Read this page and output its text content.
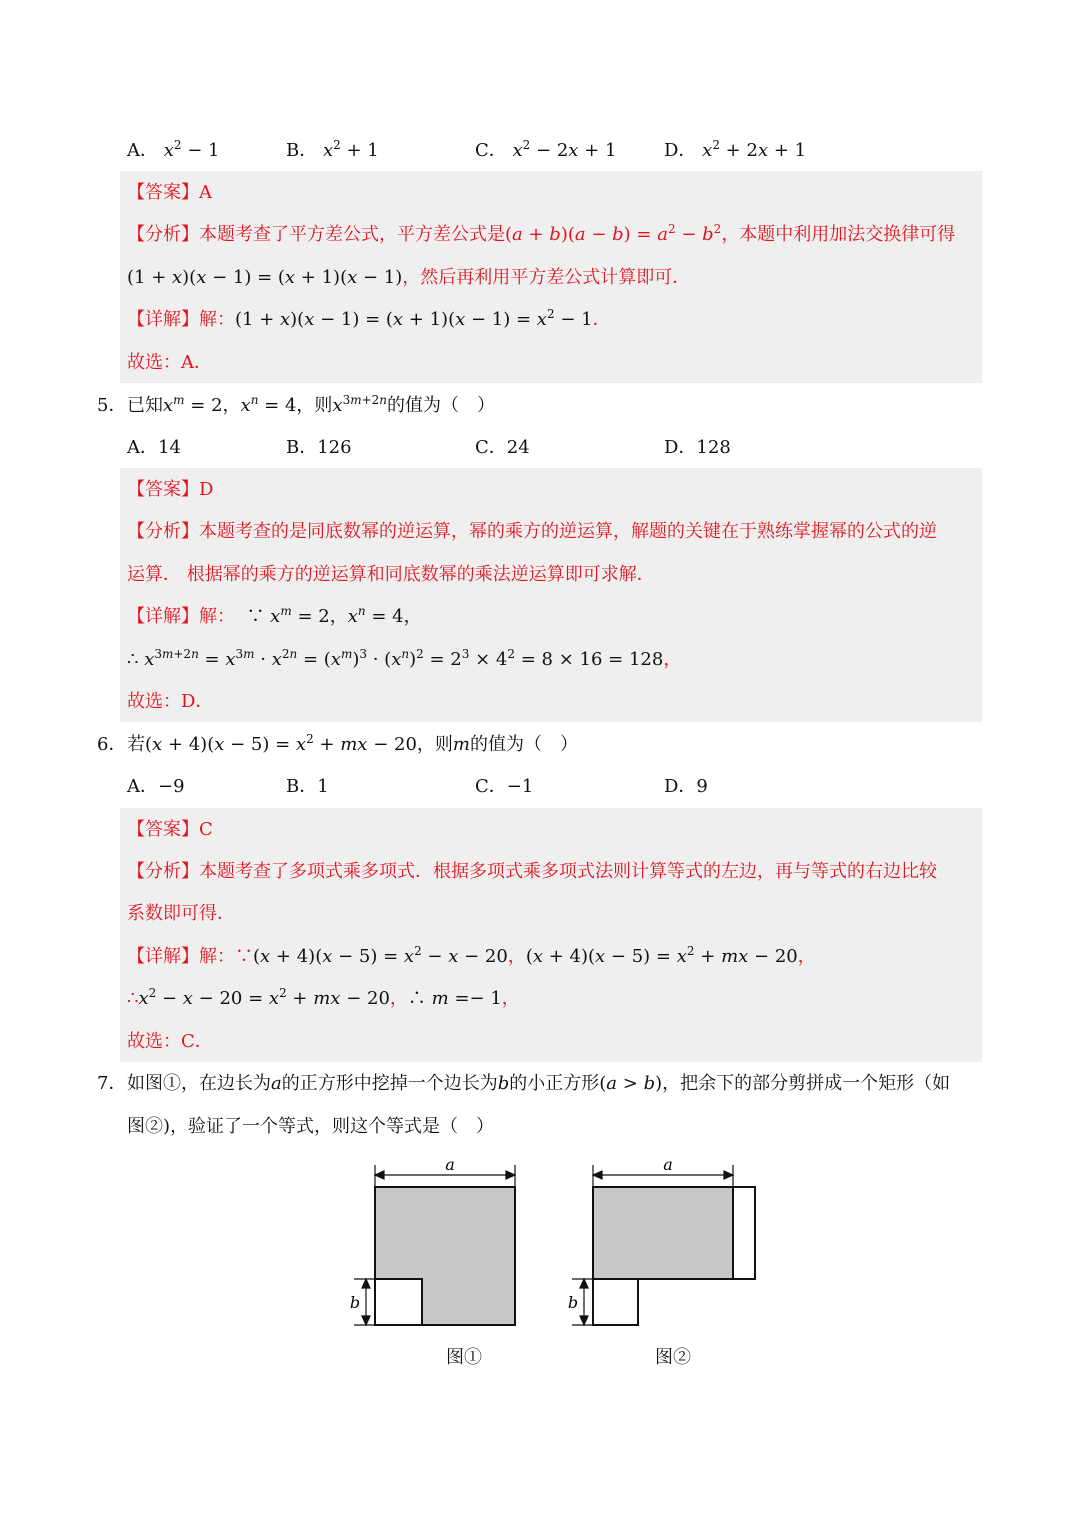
A． $x^2 - 1$	B． $x^2 + 1$	C． $x^2 - 2x + 1$	D． $x^2 + 2x + 1$
【答案】A
【分析】本题考查了平方差公式，平方差公式是$(a + b)(a - b) = a^2 - b^2$，本题中利用加法交换律可得
(1 + x)(x − 1) = (x + 1)(x − 1)，然后再利用平方差公式计算即可．
【详解】解：$(1 + x)(x - 1) = (x + 1)(x - 1) = x^2 - 1$．
故选：A．
5． 已知$x^m = 2$，$x^n = 4$，则$x^{3m+2n}$的值为（　）
A．14	B．126	C．24	D．128
【答案】D
【分析】本题考查的是同底数幂的逆运算，幂的乘方的逆运算，解题的关键在于熟练掌握幂的公式的逆
运算． 根据幂的乘方的逆运算和同底数幂的乘法逆运算即可求解．
【详解】解：  ∵ $x^m = 2$，$x^n = 4$，
∴ $x^{3m+2n} = x^{3m} \cdot x^{2n} = (x^m)^3 \cdot (x^n)^2 = 2^3 \times 4^2 = 8 \times 16 = 128$，
故选：D．
6． 若$(x + 4)(x - 5) = x^2$ + mx − 20，则m的值为（　）
A．−9	B．1	C．−1	D．9
【答案】C
【分析】本题考查了多项式乘多项式．根据多项式乘多项式法则计算等式的左边，再与等式的右边比较
系数即可得．
【详解】解：∵(x + $4)(x - 5) = x^2 - x - 20$，$(x + 4)(x - 5) = x^2$ + mx − 20，
$\therefore x^2 - x - 20 = x^2$ + mx − 20，∴ m =− 1，
故选：C．
7． 如图①，在边长为a的正方形中挖掉一个边长为b的小正方形(a > b)，把余下的部分剪拼成一个矩形（如
图②)，验证了一个等式，则这个等式是（　）
a
b
图①
a
b
图②
